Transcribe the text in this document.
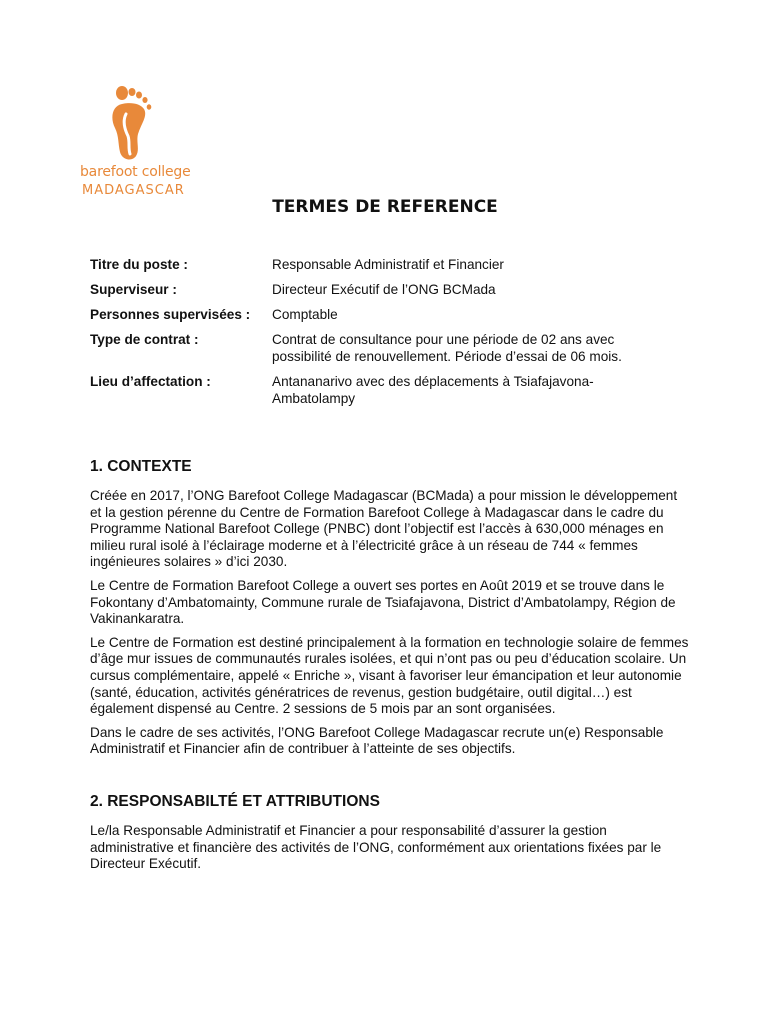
barefoot college
MADAGASCAR
TERMES DE REFERENCE
Titre du poste :	Responsable Administratif et Financier
Superviseur :	Directeur Exécutif de l’ONG BCMada
Personnes supervisées :	Comptable
Type de contrat :	Contrat de consultance pour une période de 02 ans avec possibilité de renouvellement. Période d’essai de 06 mois.
Lieu d’affectation :	Antananarivo avec des déplacements à Tsiafajavona-Ambatolampy
1. CONTEXTE

Créée en 2017, l’ONG Barefoot College Madagascar (BCMada) a pour mission le développement et la gestion pérenne du Centre de Formation Barefoot College à Madagascar dans le cadre du Programme National Barefoot College (PNBC) dont l’objectif est l’accès à 630,000 ménages en milieu rural isolé à l’éclairage moderne et à l’électricité grâce à un réseau de 744 « femmes ingénieures solaires » d’ici 2030.

Le Centre de Formation Barefoot College a ouvert ses portes en Août 2019 et se trouve dans le Fokontany d’Ambatomainty, Commune rurale de Tsiafajavona, District d’Ambatolampy, Région de Vakinankaratra.

Le Centre de Formation est destiné principalement à la formation en technologie solaire de femmes d’âge mur issues de communautés rurales isolées, et qui n’ont pas ou peu d’éducation scolaire. Un cursus complémentaire, appelé « Enriche », visant à favoriser leur émancipation et leur autonomie (santé, éducation, activités génératrices de revenus, gestion budgétaire, outil digital…) est également dispensé au Centre. 2 sessions de 5 mois par an sont organisées.

Dans le cadre de ses activités, l’ONG Barefoot College Madagascar recrute un(e) Responsable Administratif et Financier afin de contribuer à l’atteinte de ses objectifs.

2. RESPONSABILTÉ ET ATTRIBUTIONS

Le/la Responsable Administratif et Financier a pour responsabilité d’assurer la gestion administrative et financière des activités de l’ONG, conformément aux orientations fixées par le Directeur Exécutif.
